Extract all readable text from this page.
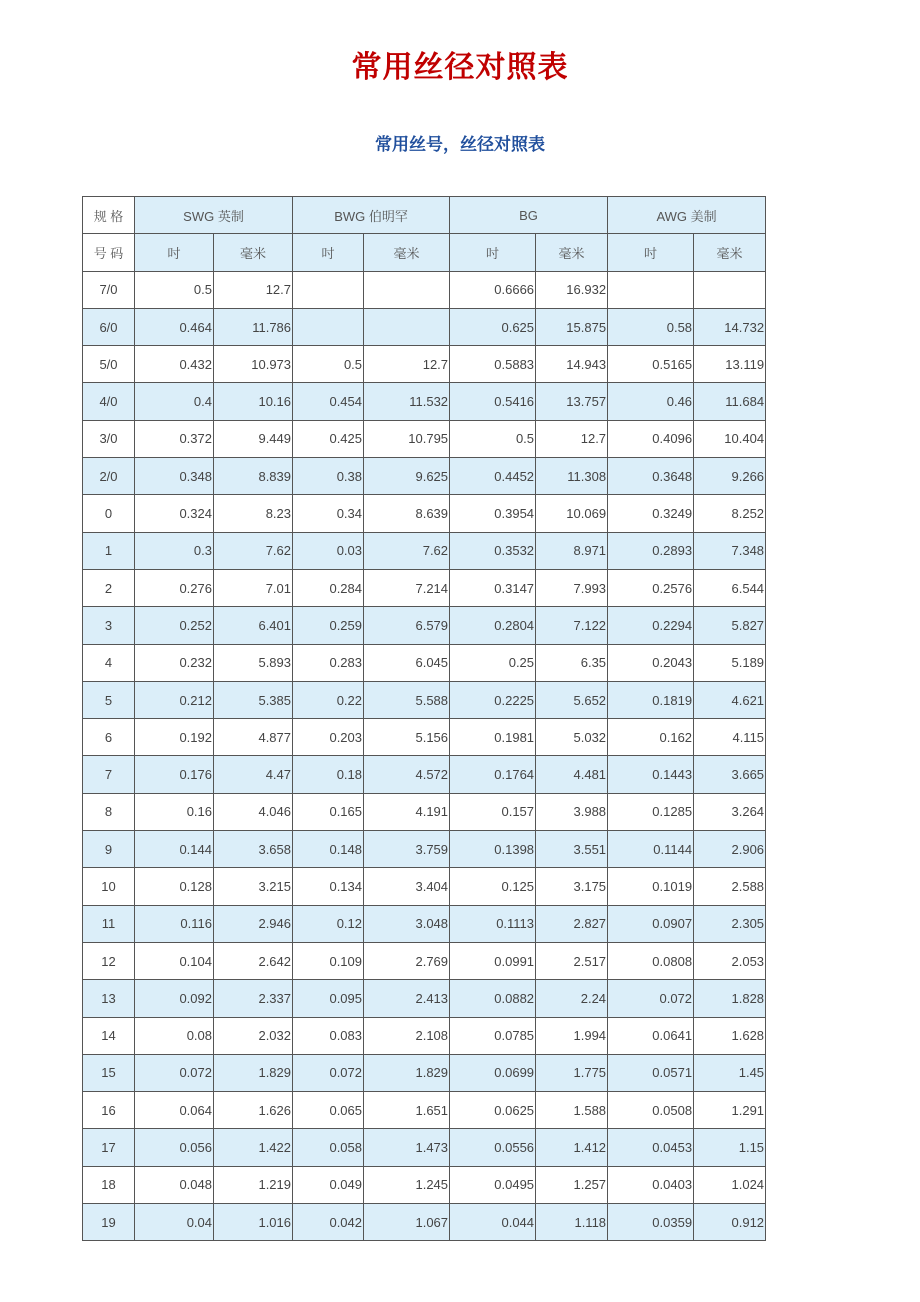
常用丝径对照表
常用丝号，丝径对照表
规 格	SWG 英制		BWG 伯明罕		BG		AWG 美制	
号 码	吋	毫米	吋	毫米	吋	毫米	吋	毫米
7/0	0.5	12.7			0.6666	16.932		
6/0	0.464	11.786			0.625	15.875	0.58	14.732
5/0	0.432	10.973	0.5	12.7	0.5883	14.943	0.5165	13.119
4/0	0.4	10.16	0.454	11.532	0.5416	13.757	0.46	11.684
3/0	0.372	9.449	0.425	10.795	0.5	12.7	0.4096	10.404
2/0	0.348	8.839	0.38	9.625	0.4452	11.308	0.3648	9.266
0	0.324	8.23	0.34	8.639	0.3954	10.069	0.3249	8.252
1	0.3	7.62	0.03	7.62	0.3532	8.971	0.2893	7.348
2	0.276	7.01	0.284	7.214	0.3147	7.993	0.2576	6.544
3	0.252	6.401	0.259	6.579	0.2804	7.122	0.2294	5.827
4	0.232	5.893	0.283	6.045	0.25	6.35	0.2043	5.189
5	0.212	5.385	0.22	5.588	0.2225	5.652	0.1819	4.621
6	0.192	4.877	0.203	5.156	0.1981	5.032	0.162	4.115
7	0.176	4.47	0.18	4.572	0.1764	4.481	0.1443	3.665
8	0.16	4.046	0.165	4.191	0.157	3.988	0.1285	3.264
9	0.144	3.658	0.148	3.759	0.1398	3.551	0.1144	2.906
10	0.128	3.215	0.134	3.404	0.125	3.175	0.1019	2.588
11	0.116	2.946	0.12	3.048	0.1113	2.827	0.0907	2.305
12	0.104	2.642	0.109	2.769	0.0991	2.517	0.0808	2.053
13	0.092	2.337	0.095	2.413	0.0882	2.24	0.072	1.828
14	0.08	2.032	0.083	2.108	0.0785	1.994	0.0641	1.628
15	0.072	1.829	0.072	1.829	0.0699	1.775	0.0571	1.45
16	0.064	1.626	0.065	1.651	0.0625	1.588	0.0508	1.291
17	0.056	1.422	0.058	1.473	0.0556	1.412	0.0453	1.15
18	0.048	1.219	0.049	1.245	0.0495	1.257	0.0403	1.024
19	0.04	1.016	0.042	1.067	0.044	1.118	0.0359	0.912
